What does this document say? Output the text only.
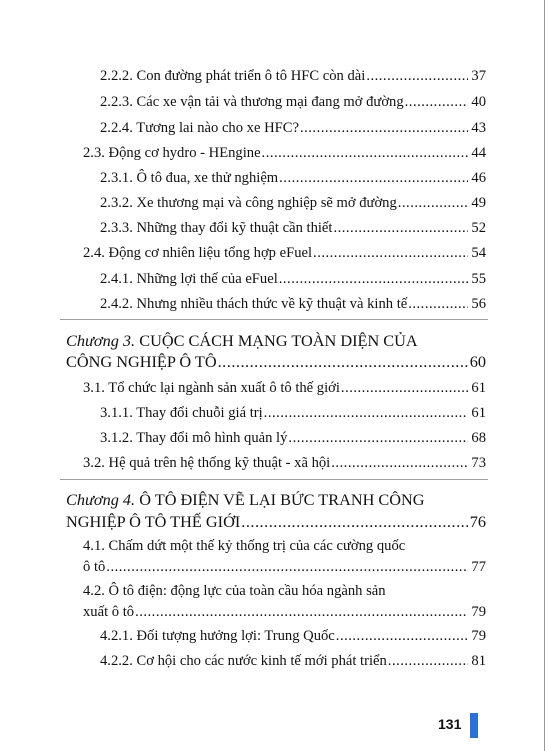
2.2.2. Con đường phát triển ô tô HFC còn dài .....	37
2.2.3. Các xe vận tải và thương mại đang mở đường .....	40
2.2.4. Tương lai nào cho xe HFC? .....	43
2.3. Động cơ hydro - HEngine .....	44
2.3.1. Ô tô đua, xe thử nghiệm .....	46
2.3.2. Xe thương mại và công nghiệp sẽ mở đường .....	49
2.3.3. Những thay đổi kỹ thuật cần thiết .....	52
2.4. Động cơ nhiên liệu tổng hợp eFuel .....	54
2.4.1. Những lợi thế của eFuel .....	55
2.4.2. Nhưng nhiều thách thức về kỹ thuật và kinh tế .....	56
Chương 3. CUỘC CÁCH MẠNG TOÀN DIỆN CỦA
CÔNG NGHIỆP Ô TÔ .....	60
3.1. Tổ chức lại ngành sản xuất ô tô thế giới .....	61
3.1.1. Thay đổi chuỗi giá trị .....	61
3.1.2. Thay đổi mô hình quản lý .....	68
3.2. Hệ quả trên hệ thống kỹ thuật - xã hội .....	73
Chương 4. Ô TÔ ĐIỆN VẼ LẠI BỨC TRANH CÔNG
NGHIỆP Ô TÔ THẾ GIỚI .....	76
4.1. Chấm dứt một thế kỷ thống trị của các cường quốc
ô tô .....	77
4.2. Ô tô điện: động lực của toàn cầu hóa ngành sản
xuất ô tô .....	79
4.2.1. Đối tượng hưởng lợi: Trung Quốc .....	79
4.2.2. Cơ hội cho các nước kinh tế mới phát triển .....	81
131
